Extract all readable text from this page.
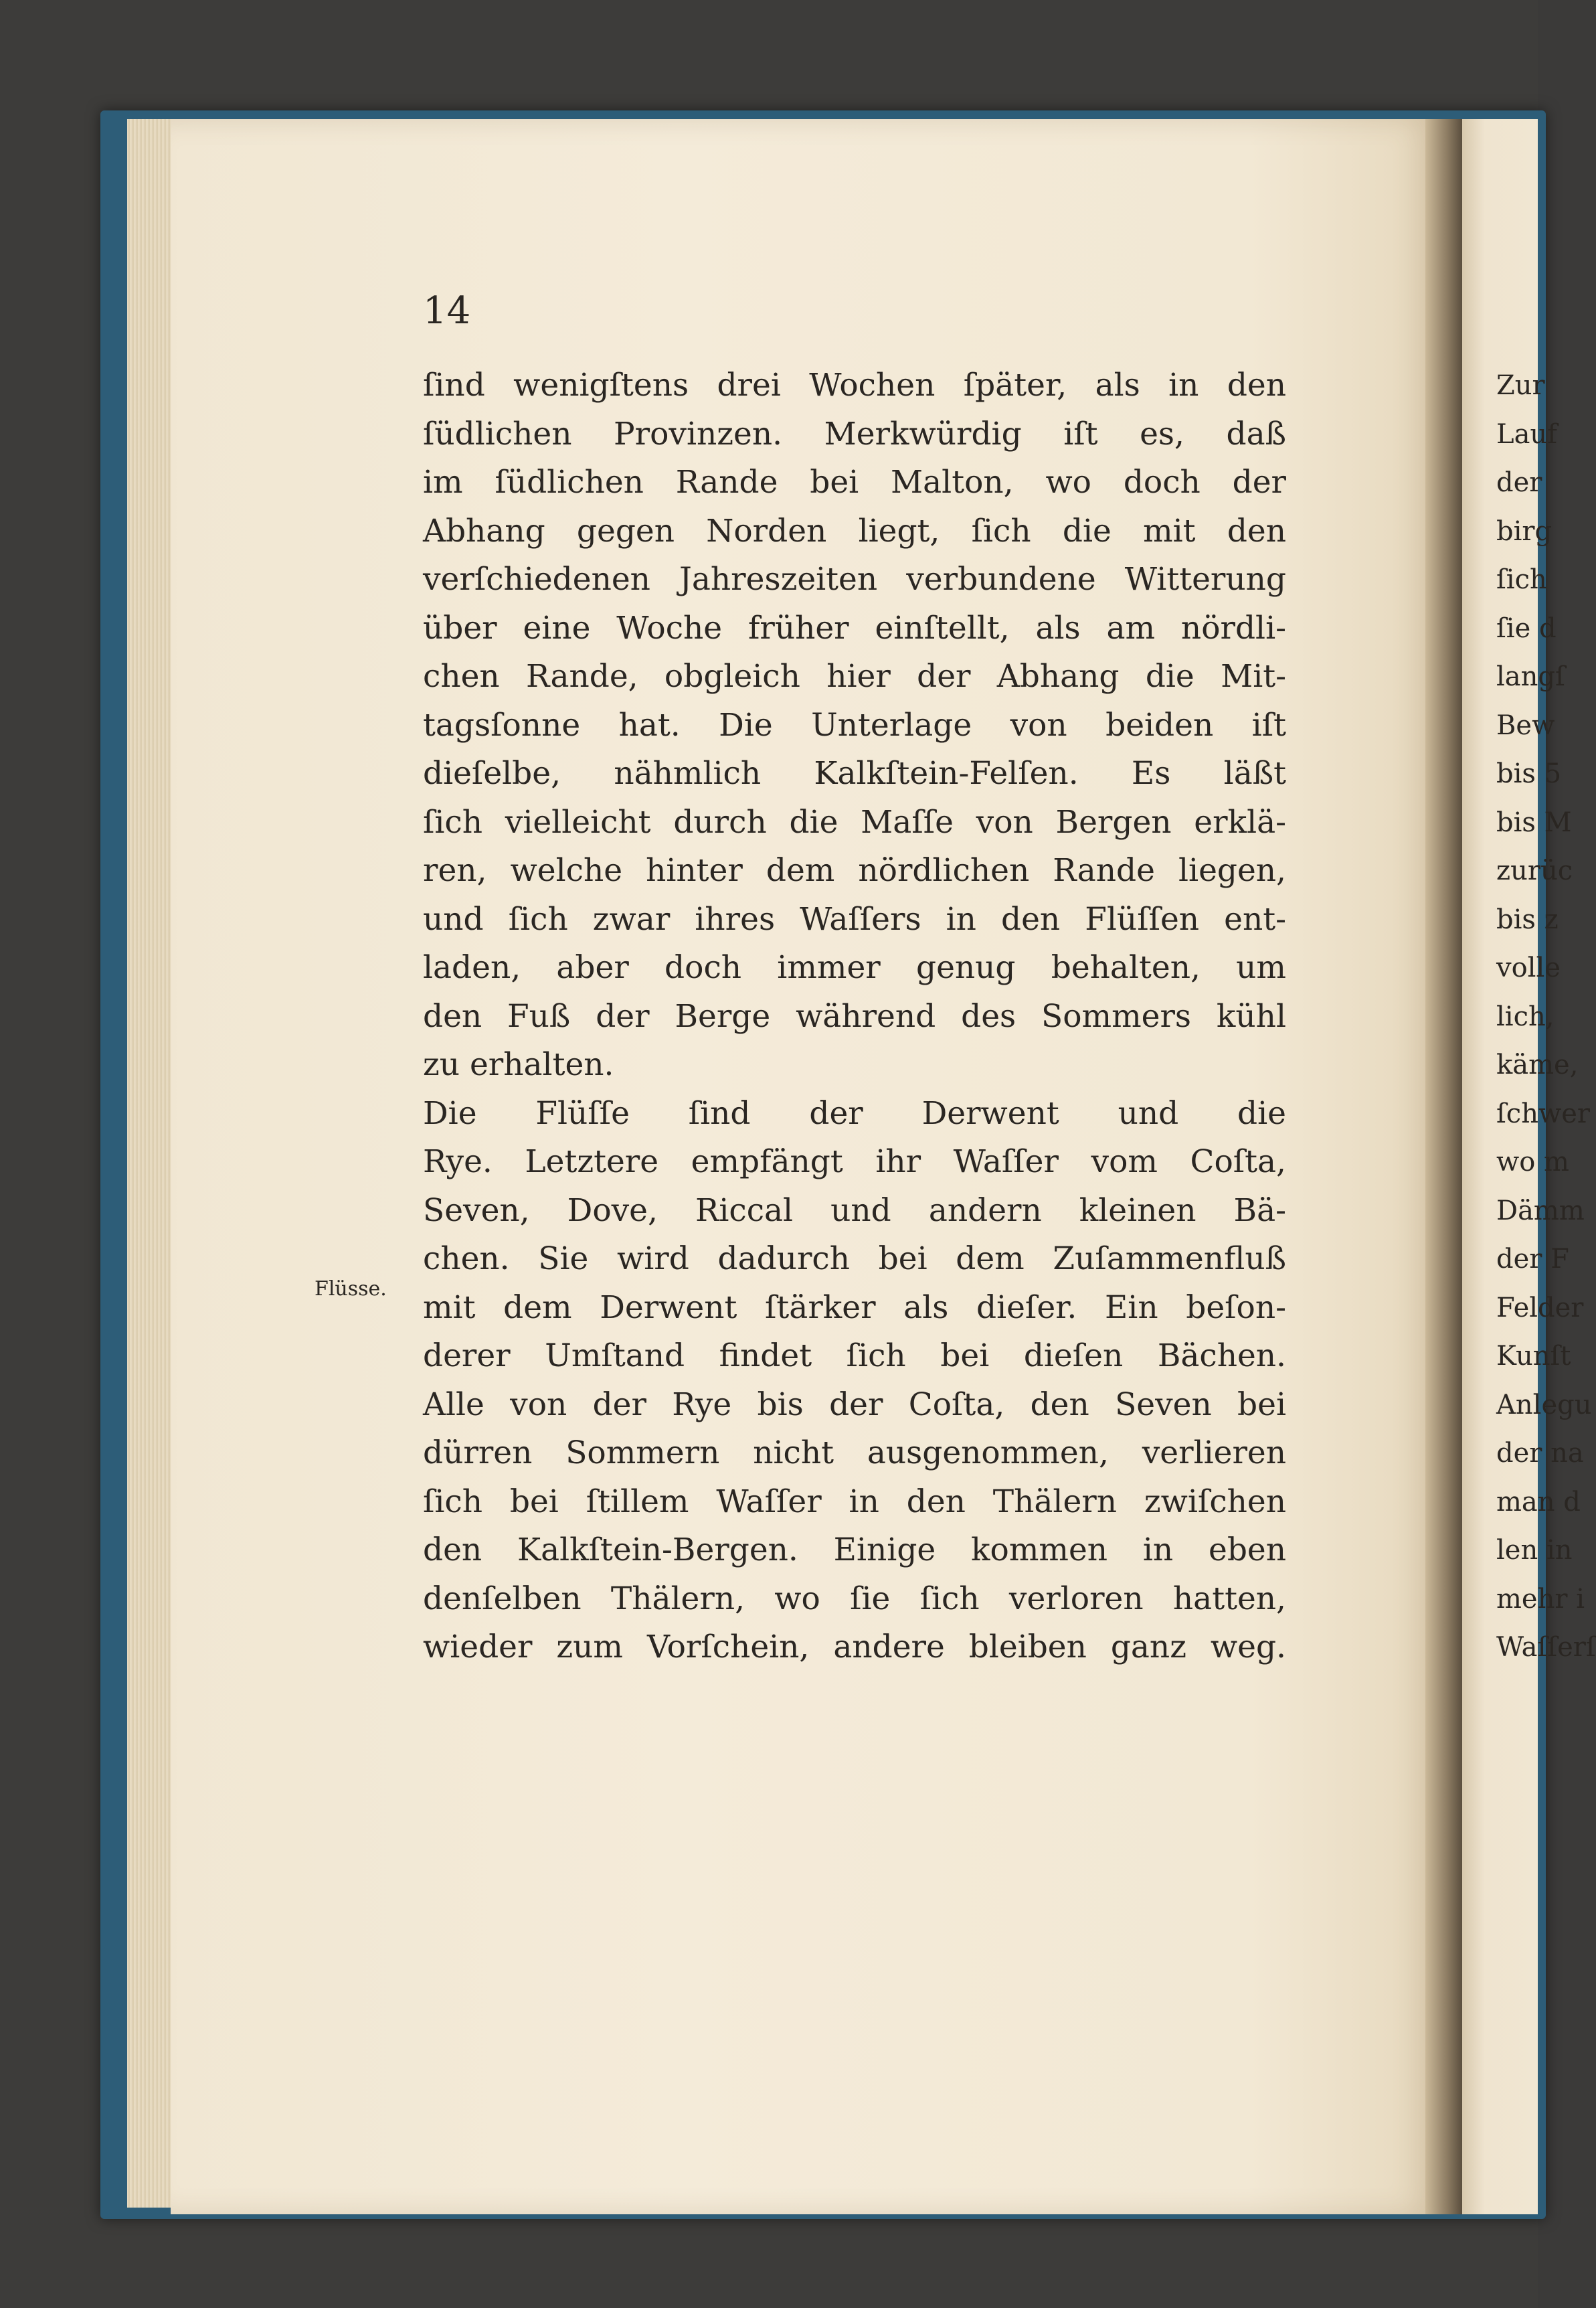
14
Flüsse.
ſind wenigſtens drei Wochen ſpäter, als in den
ſüdlichen Provinzen. Merkwürdig iſt es, daß
im ſüdlichen Rande bei Malton, wo doch der
Abhang gegen Norden liegt, ſich die mit den
verſchiedenen Jahreszeiten verbundene Witterung
über eine Woche früher einſtellt, als am nördli-
chen Rande, obgleich hier der Abhang die Mit-
tagsſonne hat. Die Unterlage von beiden iſt
dieſelbe, nähmlich Kalkſtein-Felſen. Es läßt
ſich vielleicht durch die Maſſe von Bergen erklä-
ren, welche hinter dem nördlichen Rande liegen,
und ſich zwar ihres Waſſers in den Flüſſen ent-
laden, aber doch immer genug behalten, um
den Fuß der Berge während des Sommers kühl
zu erhalten.
Die Flüſſe ſind der Derwent und die
Rye. Letztere empfängt ihr Waſſer vom Coſta,
Seven, Dove, Riccal und andern kleinen Bä-
chen. Sie wird dadurch bei dem Zuſammenfluß
mit dem Derwent ſtärker als dieſer. Ein beſon-
derer Umſtand findet ſich bei dieſen Bächen.
Alle von der Rye bis der Coſta, den Seven bei
dürren Sommern nicht ausgenommen, verlieren
ſich bei ſtillem Waſſer in den Thälern zwiſchen
den Kalkſtein-Bergen. Einige kommen in eben
denſelben Thälern, wo ſie ſich verloren hatten,
wieder zum Vorſchein, andere bleiben ganz weg.
Zur
Lauf
der
birg
ſich
ſie d
langſ
Bew
bis 5
bis M
zurüc
bis z
volle
lich,
käme,
ſchwer
wo m
Dämm
der F
Felder
Kunſt
Anlegu
der na
man d
len in
mehr i
Waſſerſ
